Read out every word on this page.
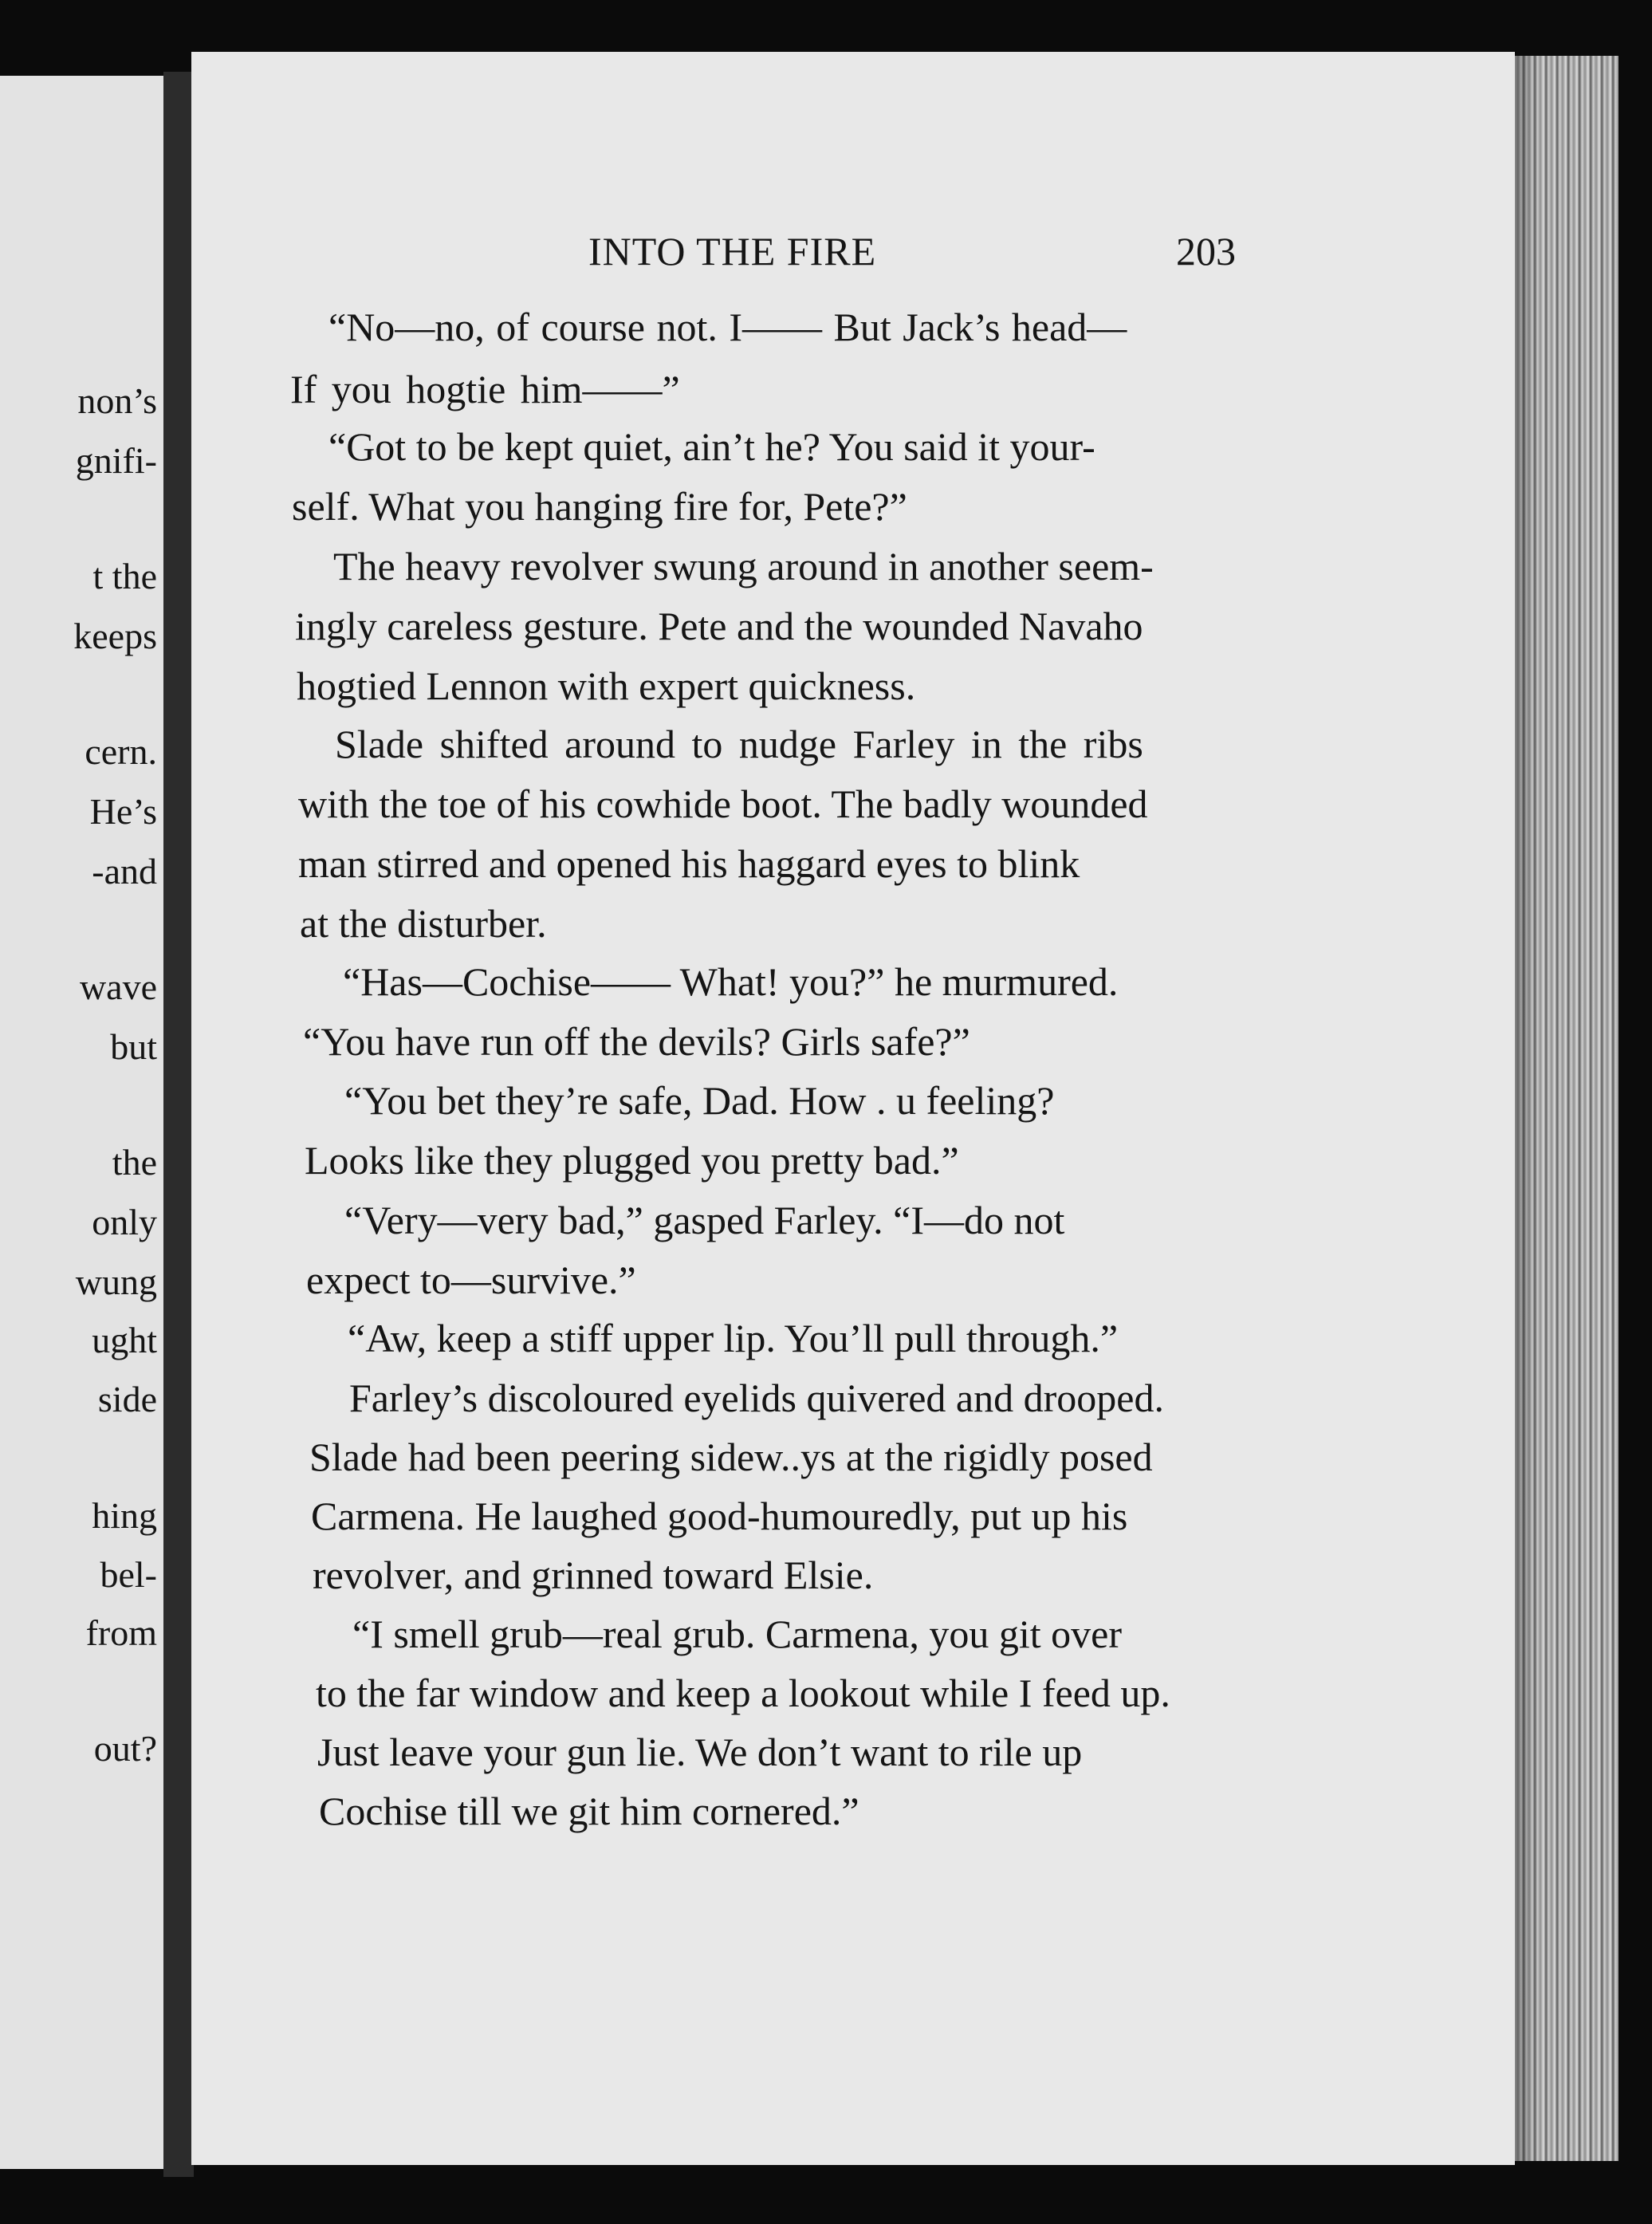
non’s
gnifi-
t the
keeps
cern.
He’s
-and
wave
but
the
only
wung
ught
side
hing
bel-
from
out?
INTO THE FIRE	203
“No—no, of course not. I—— But Jack’s head—
If you hogtie him——”
“Got to be kept quiet, ain’t he? You said it your-
self. What you hanging fire for, Pete?”
The heavy revolver swung around in another seem-
ingly careless gesture. Pete and the wounded Navaho
hogtied Lennon with expert quickness.
Slade shifted around to nudge Farley in the ribs
with the toe of his cowhide boot. The badly wounded
man stirred and opened his haggard eyes to blink
at the disturber.
“Has—Cochise—— What! you?” he murmured.
“You have run off the devils? Girls safe?”
“You bet they’re safe, Dad. How . u feeling?
Looks like they plugged you pretty bad.”
“Very—very bad,” gasped Farley. “I—do not
expect to—survive.”
“Aw, keep a stiff upper lip. You’ll pull through.”
Farley’s discoloured eyelids quivered and drooped.
Slade had been peering sidew..ys at the rigidly posed
Carmena. He laughed good-humouredly, put up his
revolver, and grinned toward Elsie.
“I smell grub—real grub. Carmena, you git over
to the far window and keep a lookout while I feed up.
Just leave your gun lie. We don’t want to rile up
Cochise till we git him cornered.”
